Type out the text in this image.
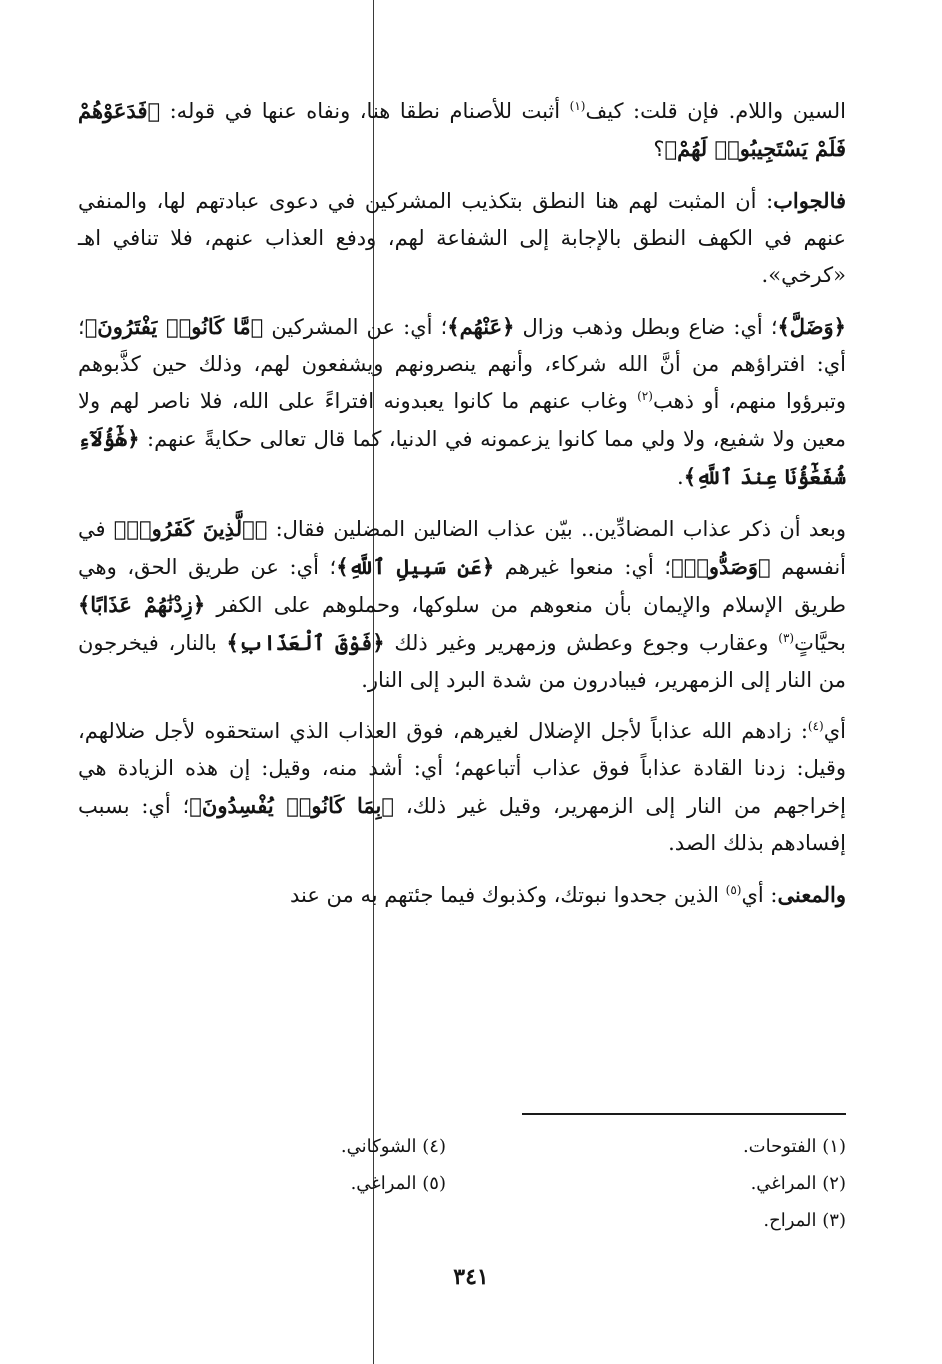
السين واللام. فإن قلت: كيف$^{(١)}$ أثبت للأصنام نطقا هنا، ونفاه عنها في قوله: ﴿فَدَعَوْهُمْ فَلَمْ يَسْتَجِيبُوا۟ لَهُمْ﴾؟

فالجواب: أن المثبت لهم هنا النطق بتكذيب المشركين في دعوى عبادتهم لها، والمنفي عنهم في الكهف النطق بالإجابة إلى الشفاعة لهم، ودفع العذاب عنهم، فلا تنافي اهـ «كرخي».

﴿وَضَلَّ﴾؛ أي: ضاع وبطل وذهب وزال ﴿عَنْهُم﴾؛ أي: عن المشركين ﴿مَّا كَانُوا۟ يَفْتَرُونَ﴾؛ أي: افتراؤهم من أنَّ الله شركاء، وأنهم ينصرونهم ويشفعون لهم، وذلك حين كذَّبوهم وتبرؤوا منهم، أو ذهب$^{(٢)}$ وغاب عنهم ما كانوا يعبدونه افتراءً على الله، فلا ناصر لهم ولا معين ولا شفيع، ولا ولي مما كانوا يزعمونه في الدنيا، كما قال تعالى حكايةً عنهم: ﴿هَٰٓؤُلَآءِ شُفَعَٰٓؤُنَا عِندَ ٱللَّهِ﴾.

وبعد أن ذكر عذاب المضادِّين.. بيّن عذاب الضالين المضلين فقال: ﴿ٱلَّذِينَ كَفَرُوا۟﴾ في أنفسهم ﴿وَصَدُّوا۟﴾؛ أي: منعوا غيرهم ﴿عَن سَبِيلِ ٱللَّهِ﴾؛ أي: عن طريق الحق، وهي طريق الإسلام والإيمان بأن منعوهم من سلوكها، وحملوهم على الكفر ﴿زِدْنَٰهُمْ عَذَابًا﴾ بحيَّاتٍ$^{(٣)}$ وعقارب وجوع وعطش وزمهرير وغير ذلك ﴿فَوْقَ ٱلْعَذَابِ﴾ بالنار، فيخرجون من النار إلى الزمهرير، فيبادرون من شدة البرد إلى النار.

أي$^{(٤)}$: زادهم الله عذاباً لأجل الإضلال لغيرهم، فوق العذاب الذي استحقوه لأجل ضلالهم، وقيل: زدنا القادة عذاباً فوق عذاب أتباعهم؛ أي: أشد منه، وقيل: إن هذه الزيادة هي إخراجهم من النار إلى الزمهرير، وقيل غير ذلك، ﴿بِمَا كَانُوا۟ يُفْسِدُونَ﴾؛ أي: بسبب إفسادهم بذلك الصد.

والمعنى: أي$^{(٥)}$ الذين جحدوا نبوتك، وكذبوك فيما جئتهم به من عند

(١) الفتوحات.
(٢) المراغي.
(٣) المراح.
(٤) الشوكاني.
(٥) المراغي.
٣٤١
